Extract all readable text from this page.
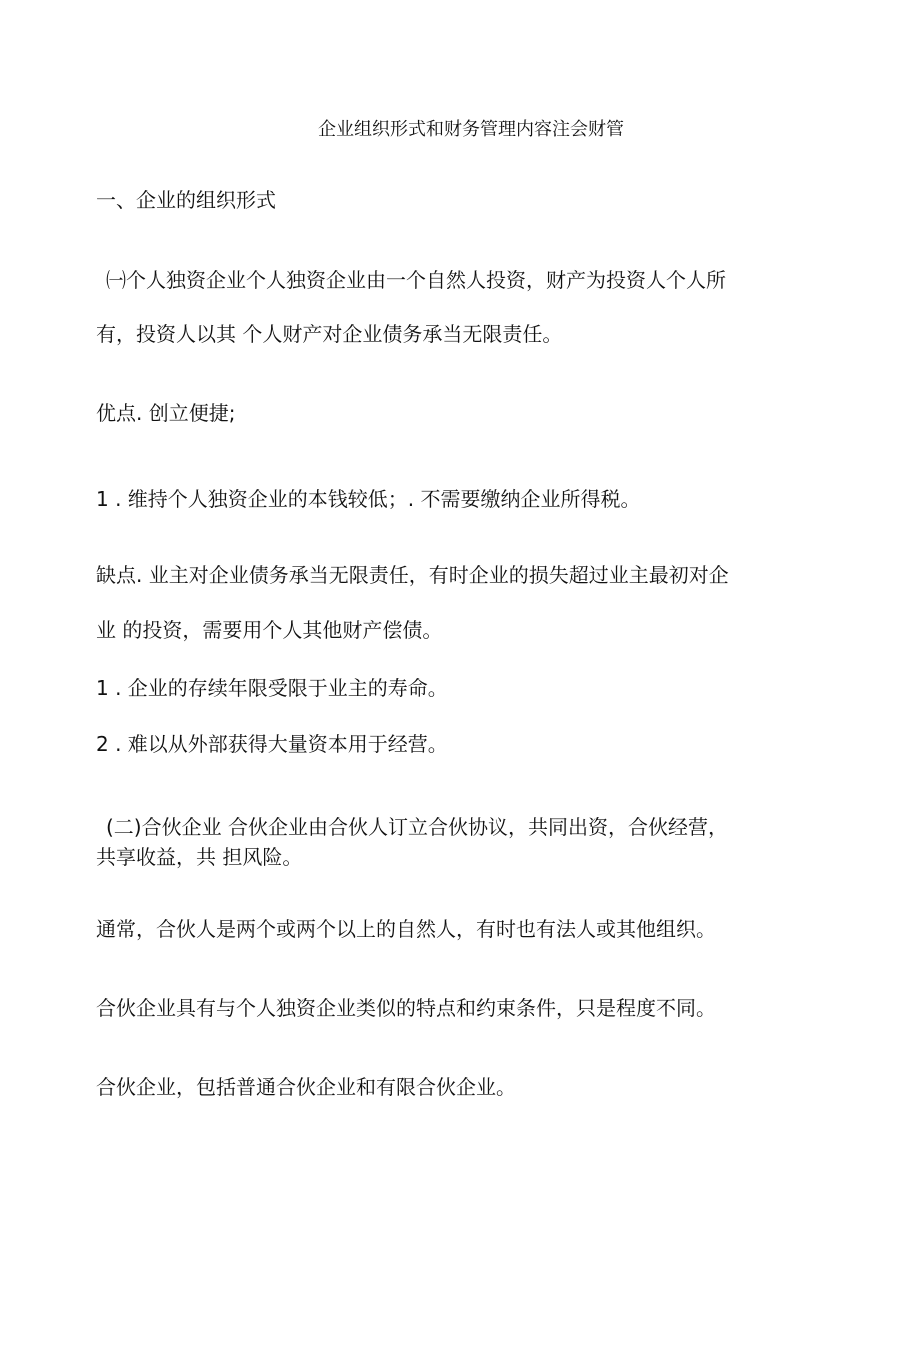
企业组织形式和财务管理内容注会财管
一、企业的组织形式
㈠个人独资企业个人独资企业由一个自然人投资，财产为投资人个人所
有，投资人以其 个人财产对企业债务承当无限责任。
优点. 创立便捷;
1 . 维持个人独资企业的本钱较低；. 不需要缴纳企业所得税。
缺点. 业主对企业债务承当无限责任，有时企业的损失超过业主最初对企
业 的投资，需要用个人其他财产偿债。
1 . 企业的存续年限受限于业主的寿命。
2 . 难以从外部获得大量资本用于经营。
(二)合伙企业 合伙企业由合伙人订立合伙协议，共同出资，合伙经营，
共享收益，共 担风险。
通常，合伙人是两个或两个以上的自然人，有时也有法人或其他组织。
合伙企业具有与个人独资企业类似的特点和约束条件，只是程度不同。
合伙企业，包括普通合伙企业和有限合伙企业。
